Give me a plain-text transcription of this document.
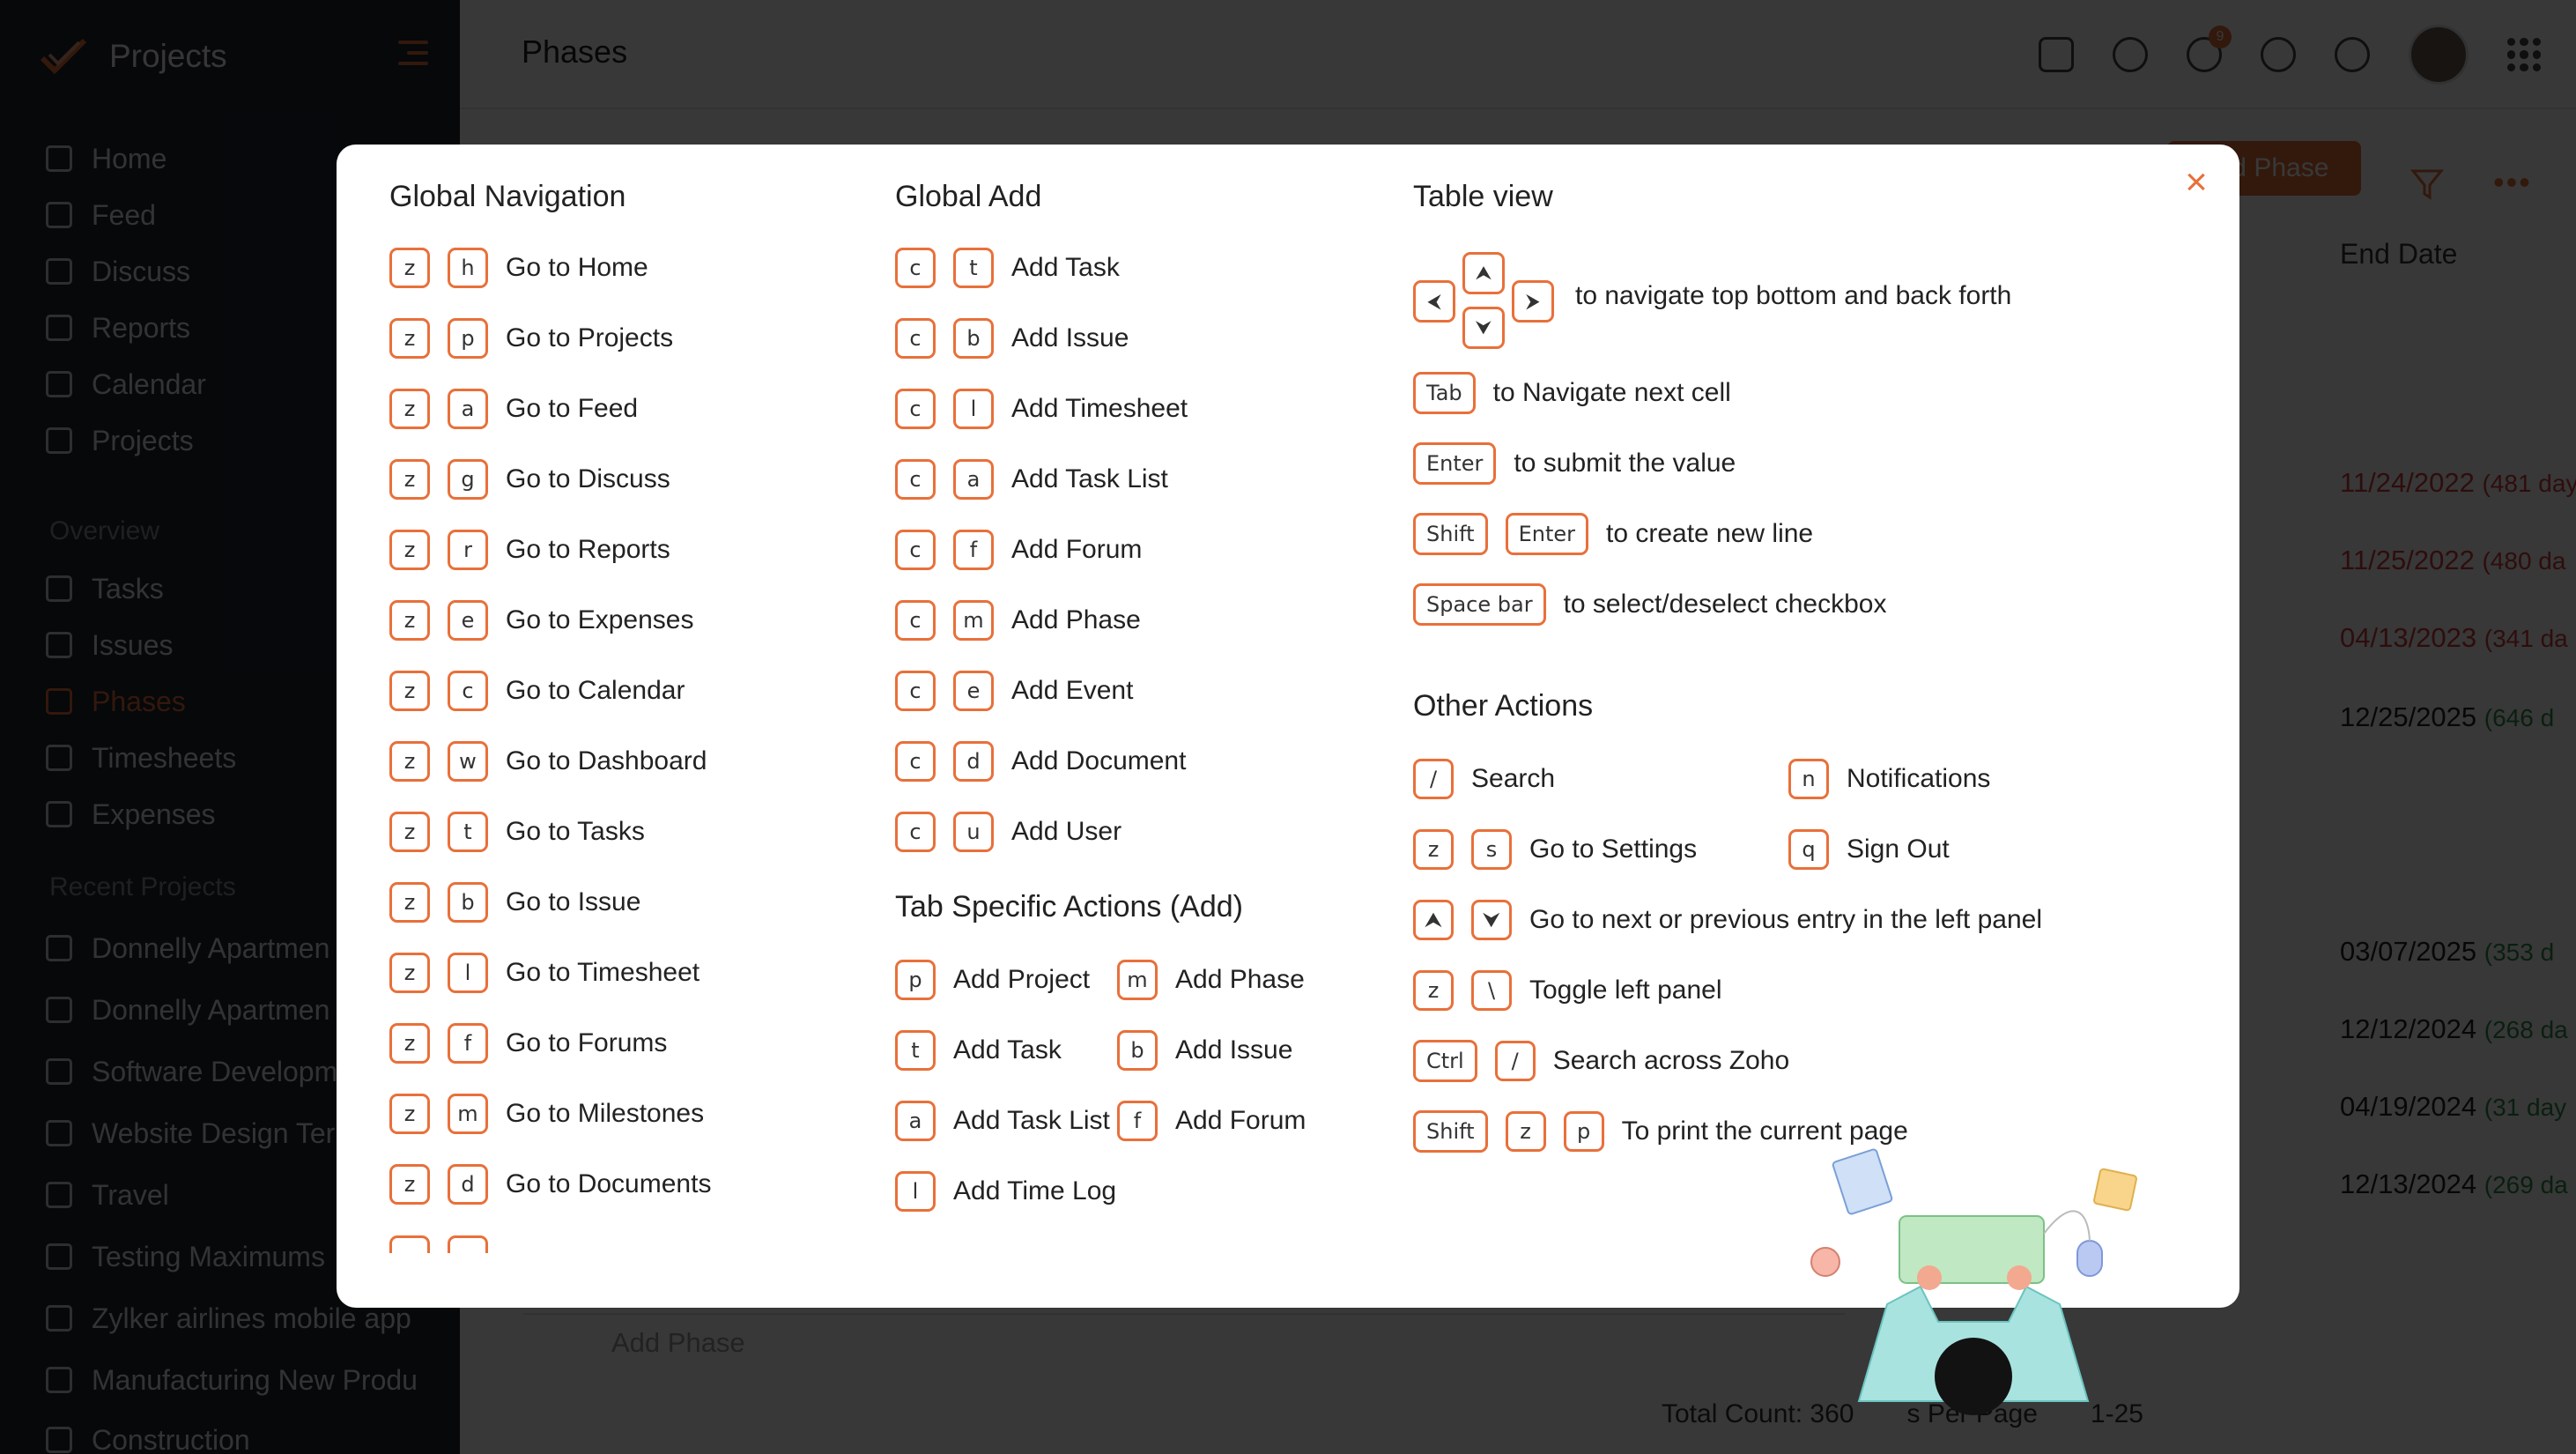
×
Global Navigation
z	h	Go to Home
z	p	Go to Projects
z	a	Go to Feed
z	g	Go to Discuss
z	r	Go to Reports
z	e	Go to Expenses
z	c	Go to Calendar
z	w	Go to Dashboard
z	t	Go to Tasks
z	b	Go to Issue
z	l	Go to Timesheet
z	f	Go to Forums
z	m	Go to Milestones
z	d	Go to Documents
Global Add
c	t	Add Task
c	b	Add Issue
c	l	Add Timesheet
c	a	Add Task List
c	f	Add Forum
c	m	Add Phase
c	e	Add Event
c	d	Add Document
c	u	Add User
Tab Specific Actions (Add)
p	Add Project	m	Add Phase
t	Add Task	b	Add Issue
a	Add Task List	f	Add Forum
l	Add Time Log
Table view
⮜
⮝
⮟
⮞	to navigate top bottom and back forth
Tab	to Navigate next cell
Enter	to submit the value
Shift	Enter	to create new line
Space bar	to select/deselect checkbox
Other Actions
/	Search	n	Notifications
z	s	Go to Settings	q	Sign Out
⮝	⮟	Go to next or previous entry in the left panel
z	\	Toggle left panel
Ctrl	/	Search across Zoho
Shift	z	p	To print the current page
